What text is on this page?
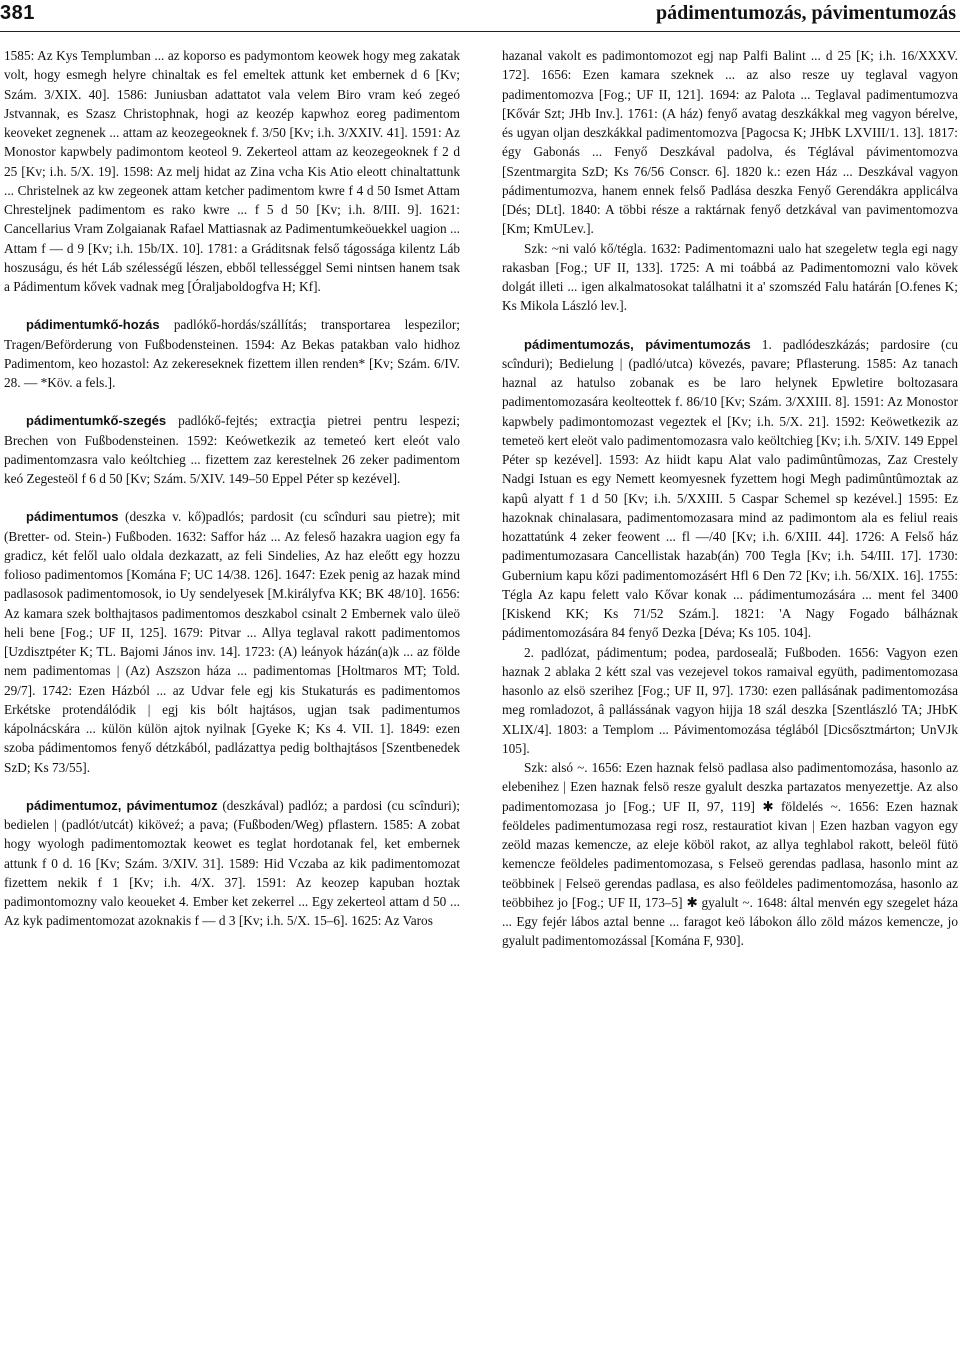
381	pádimentumozás, pávimentumozás

1585: Az Kys Templumban ... az koporso es padymontom keowek hogy meg zakatak volt, hogy esmegh helyre chinaltak es fel emeltek attunk ket embernek d 6 [Kv; Szám. 3/XIX. 40]. 1586: Juniusban adattatot vala velem Biro vram keó zegeó Jstvannak, es Szasz Christophnak, hogi az keozép kapwhoz eoreg padimentom keoveket zegnenek ... attam az keozegeoknek f. 3/50 [Kv; i.h. 3/XXIV. 41]. 1591: Az Monostor kapwbely padimontom keoteol 9. Zekerteol attam az keozegeoknek f 2 d 25 [Kv; i.h. 5/X. 19]. 1598: Az melj hidat az Zina vcha Kis Atio eleott chinaltattunk ... Christelnek az kw zegeonek attam ketcher padimentom kwre f 4 d 50 Ismet Attam Chresteljnek padimentom es rako kwre ... f 5 d 50 [Kv; i.h. 8/III. 9]. 1621: Cancellarius Vram Zolgaianak Rafael Mattiasnak az Padimentumkeöuekkel uagion ... Attam f — d 9 [Kv; i.h. 15b/IX. 10]. 1781: a Gráditsnak felső tágossága kilentz Láb hoszuságu, és hét Láb szélességű lészen, ebből tellességgel Semi nintsen hanem tsak a Pádimentum kővek vadnak meg [Óraljaboldogfva H; Kf].

pádimentumkő-hozás padlókő-hordás/szállítás; transportarea lespezilor; Tragen/Beförderung von Fußbodensteinen. 1594: Az Bekas patakban valo hidhoz Padimentom, keo hozastol: Az zekereseknek fizettem illen renden* [Kv; Szám. 6/IV. 28. — *Köv. a fels.].

pádimentumkő-szegés padlókő-fejtés; extracţia pietrei pentru lespezi; Brechen von Fußbodensteinen. 1592: Keówetkezik az temeteó kert eleót valo padimentomzasra valo keóltchieg ... fizettem zaz kerestelnek 26 zeker padimentom keó Zegesteöl f 6 d 50 [Kv; Szám. 5/XIV. 149–50 Eppel Péter sp kezével].

pádimentumos (deszka v. kő)padlós; pardosit (cu scînduri sau pietre); mit (Bretter- od. Stein-) Fußboden. 1632: Saffor ház ... Az feleső hazakra uagion egy fa gradicz, két felől ualo oldala dezkazatt, az feli Sindelies, Az haz eleőtt egy hozzu folioso padimentomos [Komána F; UC 14/38. 126]. 1647: Ezek penig az hazak mind padlasosok padimentomosok, io Uy sendelyesek [M.királyfva KK; BK 48/10]. 1656: Az kamara szek bolthajtasos padimentomos deszkabol csinalt 2 Embernek valo üleö heli bene [Fog.; UF II, 125]. 1679: Pitvar ... Allya teglaval rakott padimentomos [Uzdisztpéter K; TL. Bajomi János inv. 14]. 1723: (A) leányok házán(a)k ... az földe nem padimentomas | (Az) Aszszon háza ... padimentomas [Holtmaros MT; Told. 29/7]. 1742: Ezen Házból ... az Udvar fele egj kis Stukaturás es padimentomos Erkétske protendálódik | egj kis bólt hajtásos, ugjan tsak padimentumos kápolnácskára ... külön külön ajtok nyilnak [Gyeke K; Ks 4. VII. 1]. 1849: ezen szoba pádimentomos fenyő détzkából, padlázattya pedig bolthajtásos [Szentbenedek SzD; Ks 73/55].

pádimentumoz, pávimentumoz (deszkával) padlóz; a pardosi (cu scînduri); bedielen | (padlót/utcát) kiköveź; a pava; (Fußboden/Weg) pflastern. 1585: A zobat hogy wyologh padimentomoztak keowet es teglat hordotanak fel, ket embernek attunk f 0 d. 16 [Kv; Szám. 3/XIV. 31]. 1589: Hid Vczaba az kik padimentomozat fizettem nekik f 1 [Kv; i.h. 4/X. 37]. 1591: Az keozep kapuban hoztak padimontomozny valo keoueket 4. Ember ket zekerrel ... Egy zekerteol attam d 50 ... Az kyk padimentomozat azoknakis f — d 3 [Kv; i.h. 5/X. 15–6]. 1625: Az Varos

hazanal vakolt es padimontomozot egj nap Palfi Balint ... d 25 [K; i.h. 16/XXXV. 172]. 1656: Ezen kamara szeknek ... az also resze uy teglaval vagyon padimentomozva [Fog.; UF II, 121]. 1694: az Palota ... Teglaval padimentumozva [Kővár Szt; JHb Inv.]. 1761: (A ház) fenyő avatag deszkákkal meg vagyon bérelve, és ugyan oljan deszkákkal padimentomozva [Pagocsa K; JHbK LXVIII/1. 13]. 1817: égy Gabonás ... Fenyő Deszkával padolva, és Téglával pávimentomozva [Szentmargita SzD; Ks 76/56 Conscr. 6]. 1820 k.: ezen Ház ... Deszkával vagyon pádimentumozva, hanem ennek felső Padlása deszka Fenyő Gerendákra applicálva [Dés; DLt]. 1840: A többi része a raktárnak fenyő detzkával van pavimentomozva [Km; KmULev.].

Szk: ~ni való kő/tégla. 1632: Padimentomazni ualo hat szegeletw tegla egi nagy rakasban [Fog.; UF II, 133]. 1725: A mi toábbá az Padimentomozni valo kövek dolgát illeti ... igen alkalmatosokat találhatni it a' szomszéd Falu határán [O.fenes K; Ks Mikola László lev.].

pádimentumozás, pávimentumozás 1. padlódeszkázás; pardosire (cu scînduri); Bedielung | (padló/utca) kövezés, pavare; Pflasterung. 1585: Az tanach haznal az hatulso zobanak es be laro helynek Epwletire boltozasara padimentomozasára keolteottek f. 86/10 [Kv; Szám. 3/XXIII. 8]. 1591: Az Monostor kapwbely padimontomozast vegeztek el [Kv; i.h. 5/X. 21]. 1592: Keöwetkezik az temeteö kert eleöt valo padimentomozasra valo keöltchieg [Kv; i.h. 5/XIV. 149 Eppel Péter sp kezével]. 1593: Az hiidt kapu Alat valo padimûntûmozas, Zaz Crestely Nadgi Istuan es egy Nemett keomyesnek fyzettem hogi Megh padimûntûmoztak az kapû alyatt f 1 d 50 [Kv; i.h. 5/XXIII. 5 Caspar Schemel sp kezével.] 1595: Ez hazoknak chinalasara, padimentomozasara mind az padimontom ala es feliul reais hozattatúnk 4 zeker feowent ... fl —/40 [Kv; i.h. 6/XIII. 44]. 1726: A Felső ház padimentumozasara Cancellistak hazab(án) 700 Tegla [Kv; i.h. 54/III. 17]. 1730: Gubernium kapu kőzi padimentomozásért Hfl 6 Den 72 [Kv; i.h. 56/XIX. 16]. 1755: Tégla Az kapu felett valo Kővar konak ... pádimentumozására ... ment fel 3400 [Kiskend KK; Ks 71/52 Szám.]. 1821: 'A Nagy Fogado bálháznak pádimentomozására 84 fenyő Dezka [Déva; Ks 105. 104].

2. padlózat, pádimentum; podea, pardoseală; Fußboden. 1656: Vagyon ezen haznak 2 ablaka 2 kétt szal vas vezejevel tokos ramaival együth, padimentomozasa hasonlo az elsö szerihez [Fog.; UF II, 97]. 1730: ezen pallásának padimentomozása meg romladozot, â pallássának vagyon hijja 18 szál deszka [Szentlászló TA; JHbK XLIX/4]. 1803: a Templom ... Pávimentomozása téglából [Dicsősztmárton; UnVJk 105].

Szk: alsó ~. 1656: Ezen haznak felsö padlasa also padimentomozása, hasonlo az elebenihez | Ezen haznak felsö resze gyalult deszka partazatos menyezettje. Az also padimentomozasa jo [Fog.; UF II, 97, 119] ✱ földelés ~. 1656: Ezen haznak feöldeles padimentumozasa regi rosz, restauratiot kivan | Ezen hazban vagyon egy zeöld mazas kemencze, az eleje köböl rakot, az allya teghlabol rakott, beleöl fütö kemencze feöldeles padimentomozasa, s Felseö gerendas padlasa, hasonlo mint az teöbbinek | Felseö gerendas padlasa, es also feöldeles padimentomozása, hasonlo az teöbbihez jo [Fog.; UF II, 173–5] ✱ gyalult ~. 1648: által menvén egy szegelet háza ... Egy fejér lábos aztal benne ... faragot keö lábokon állo zöld mázos kemencze, jo gyalult padimentomozással [Komána F, 930].
